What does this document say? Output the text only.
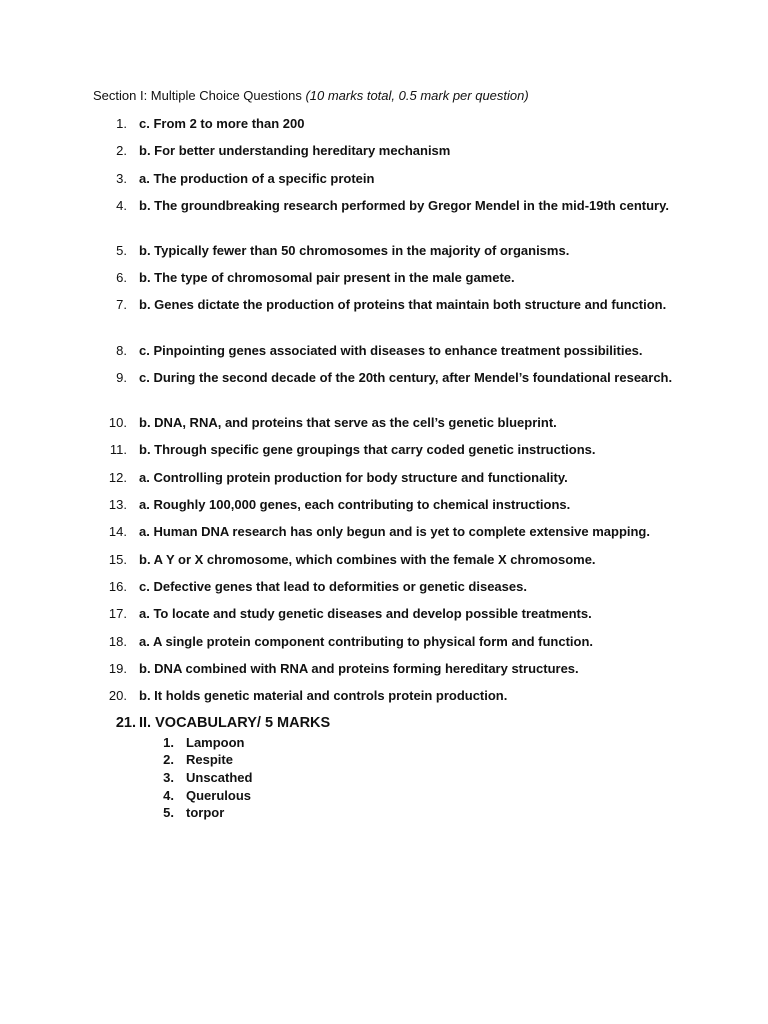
Section I: Multiple Choice Questions (10 marks total, 0.5 mark per question)
1. c. From 2 to more than 200
2. b. For better understanding hereditary mechanism
3. a. The production of a specific protein
4. b. The groundbreaking research performed by Gregor Mendel in the mid-19th century.
5. b. Typically fewer than 50 chromosomes in the majority of organisms.
6. b. The type of chromosomal pair present in the male gamete.
7. b. Genes dictate the production of proteins that maintain both structure and function.
8. c. Pinpointing genes associated with diseases to enhance treatment possibilities.
9. c. During the second decade of the 20th century, after Mendel’s foundational research.
10. b. DNA, RNA, and proteins that serve as the cell’s genetic blueprint.
11. b. Through specific gene groupings that carry coded genetic instructions.
12. a. Controlling protein production for body structure and functionality.
13. a. Roughly 100,000 genes, each contributing to chemical instructions.
14. a. Human DNA research has only begun and is yet to complete extensive mapping.
15. b. A Y or X chromosome, which combines with the female X chromosome.
16. c. Defective genes that lead to deformities or genetic diseases.
17. a. To locate and study genetic diseases and develop possible treatments.
18. a. A single protein component contributing to physical form and function.
19. b. DNA combined with RNA and proteins forming hereditary structures.
20. b. It holds genetic material and controls protein production.
21. II. VOCABULARY/ 5 MARKS
1. Lampoon
2. Respite
3. Unscathed
4. Querulous
5. torpor
